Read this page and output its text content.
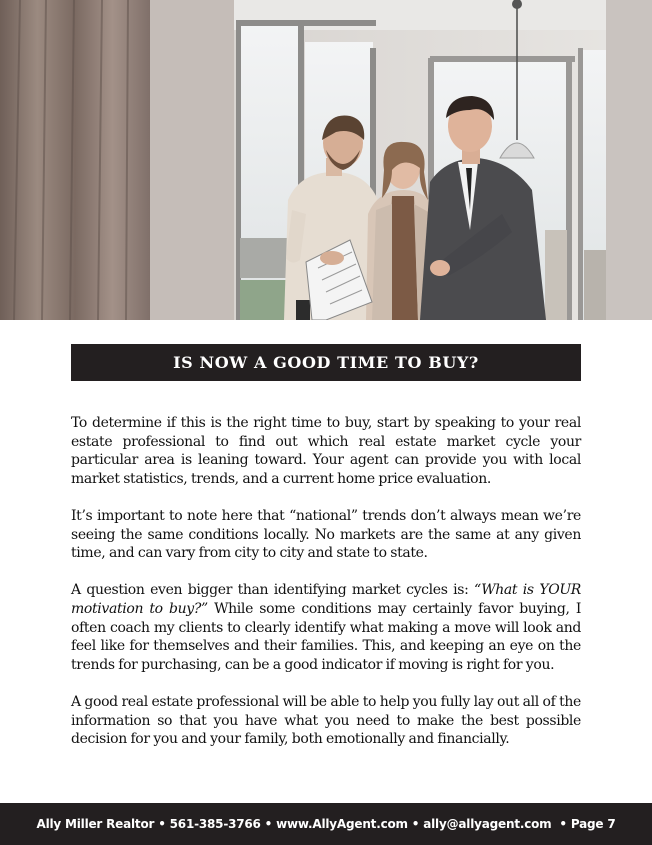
IS NOW A GOOD TIME TO BUY?

To determine if this is the right time to buy, start by speaking to your real estate professional to find out which real estate market cycle your particular area is leaning toward. Your agent can provide you with local market statistics, trends, and a current home price evaluation.

It’s important to note here that “national” trends don’t always mean we’re seeing the same conditions locally. No markets are the same at any given time, and can vary from city to city and state to state.

A question even bigger than identifying market cycles is: “What is YOUR motivation to buy?” While some conditions may certainly favor buying, I often coach my clients to clearly identify what making a move will look and feel like for themselves and their families. This, and keeping an eye on the trends for purchasing, can be a good indicator if moving is right for you.

A good real estate professional will be able to help you fully lay out all of the information so that you have what you need to make the best possible decision for you and your family, both emotionally and financially.

Ally Miller Realtor • 561-385-3766 • www.AllyAgent.com • ally@allyagent.com  • Page 7
